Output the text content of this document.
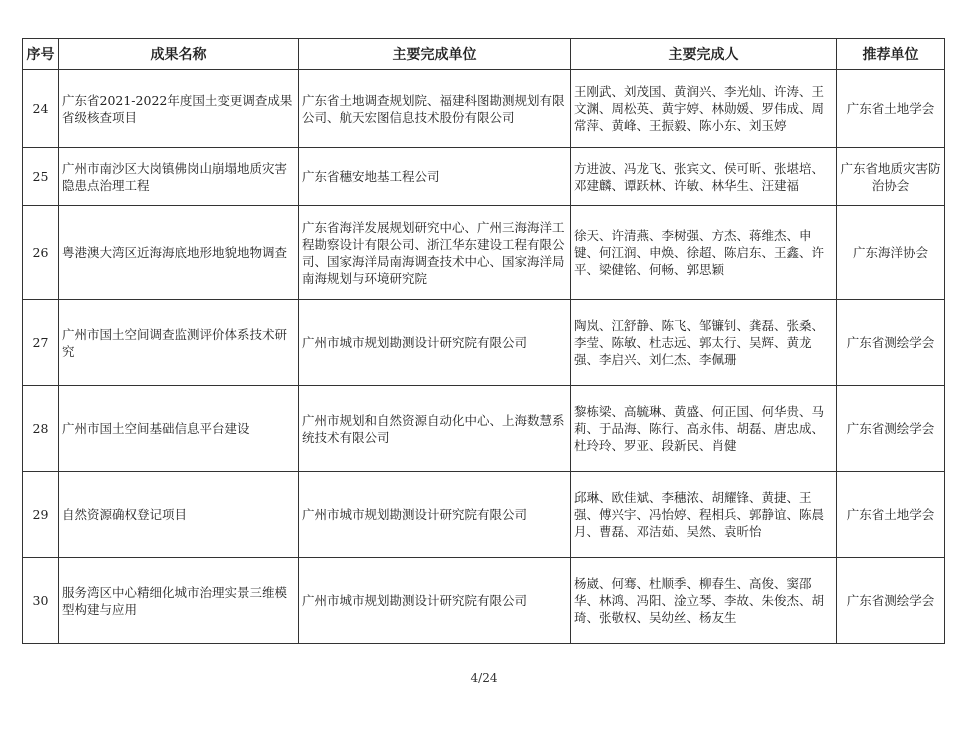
序号	成果名称	主要完成单位	主要完成人	推荐单位
24	广东省2021-2022年度国土变更调查成果省级核查项目	广东省土地调查规划院、福建科图勘测规划有限公司、航天宏图信息技术股份有限公司	王刚武、刘茂国、黄润兴、李光灿、许涛、王文渊、周松英、黄宇婷、林勋媛、罗伟成、周常萍、黄峰、王振毅、陈小东、刘玉婷	广东省土地学会
25	广州市南沙区大岗镇佛岗山崩塌地质灾害隐患点治理工程	广东省穗安地基工程公司	方进波、冯龙飞、张宾文、侯可昕、张堪培、邓建麟、谭跃林、许敏、林华生、汪建福	广东省地质灾害防治协会
26	粤港澳大湾区近海海底地形地貌地物调查	广东省海洋发展规划研究中心、广州三海海洋工程勘察设计有限公司、浙江华东建设工程有限公司、国家海洋局南海调查技术中心、国家海洋局南海规划与环境研究院	徐天、许清燕、李树强、方杰、蒋维杰、申键、何江润、申焕、徐超、陈启东、王鑫、许平、梁健铭、何畅、郭思颖	广东海洋协会
27	广州市国土空间调查监测评价体系技术研究	广州市城市规划勘测设计研究院有限公司	陶岚、江舒静、陈飞、邹镰钊、龚磊、张桑、李莹、陈敏、杜志远、郭太行、吴辉、黄龙强、李启兴、刘仁杰、李佩珊	广东省测绘学会
28	广州市国土空间基础信息平台建设	广州市规划和自然资源自动化中心、上海数慧系统技术有限公司	黎栋梁、高毓琳、黄盛、何正国、何华贵、马莉、于品海、陈行、高永伟、胡磊、唐忠成、杜玲玲、罗亚、段新民、肖健	广东省测绘学会
29	自然资源确权登记项目	广州市城市规划勘测设计研究院有限公司	邱琳、欧佳斌、李穗浓、胡耀锋、黄捷、王强、傅兴宇、冯怡婷、程相兵、郭静谊、陈晨月、曹磊、邓洁茹、吴然、袁昕怡	广东省土地学会
30	服务湾区中心精细化城市治理实景三维模型构建与应用	广州市城市规划勘测设计研究院有限公司	杨崴、何骞、杜顺季、柳春生、高俊、窦邵华、林鸿、冯阳、淦立琴、李故、朱俊杰、胡琦、张敬权、吴幼丝、杨友生	广东省测绘学会
4/24
